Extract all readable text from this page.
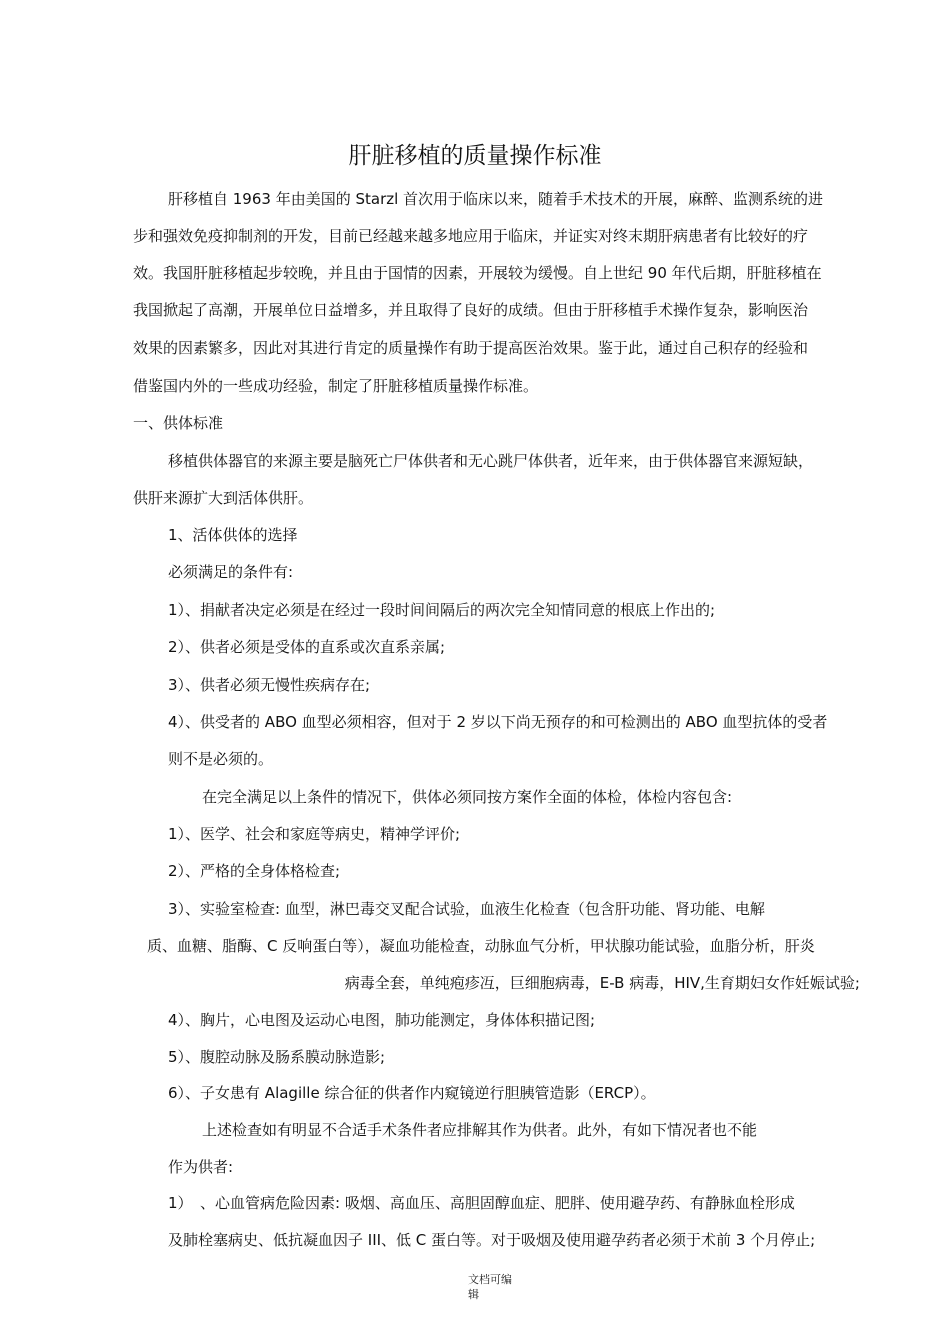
肝脏移植的质量操作标准
肝移植自 1963 年由美国的 Starzl 首次用于临床以来，随着手术技术的开展，麻醉、监测系统的进
步和强效免疫抑制剂的开发，目前已经越来越多地应用于临床，并证实对终末期肝病患者有比较好的疗
效。我国肝脏移植起步较晚，并且由于国情的因素，开展较为缓慢。自上世纪 90 年代后期，肝脏移植在
我国掀起了高潮，开展单位日益增多，并且取得了良好的成绩。但由于肝移植手术操作复杂，影响医治
效果的因素繁多，因此对其进行肯定的质量操作有助于提高医治效果。鉴于此，通过自己积存的经验和
借鉴国内外的一些成功经验，制定了肝脏移植质量操作标准。
一、供体标准
移植供体器官的来源主要是脑死亡尸体供者和无心跳尸体供者，近年来，由于供体器官来源短缺，
供肝来源扩大到活体供肝。
1、活体供体的选择
必须满足的条件有:
1）、捐献者决定必须是在经过一段时间间隔后的两次完全知情同意的根底上作出的;
2）、供者必须是受体的直系或次直系亲属;
3）、供者必须无慢性疾病存在;
4）、供受者的 ABO 血型必须相容，但对于 2 岁以下尚无预存的和可检测出的 ABO 血型抗体的受者
则不是必须的。
在完全满足以上条件的情况下，供体必须同按方案作全面的体检，体检内容包含:
1）、医学、社会和家庭等病史，精神学评价;
2）、严格的全身体格检查;
3）、实验室检查: 血型，淋巴毒交叉配合试验，血液生化检查（包含肝功能、肾功能、电解
质、血糖、脂酶、C 反响蛋白等），凝血功能检查，动脉血气分析，甲状腺功能试验，血脂分析，肝炎
病毒全套，单纯疱疹冱，巨细胞病毒，E-B 病毒，HIV,生育期妇女作妊娠试验;
4）、胸片，心电图及运动心电图，肺功能测定，身体体积描记图;
5）、腹腔动脉及肠系膜动脉造影;
6）、子女患有 Alagille 综合征的供者作内窥镜逆行胆胰管造影（ERCP）。
上述检查如有明显不合适手术条件者应排解其作为供者。此外，有如下情况者也不能
作为供者:
1）　、心血管病危险因素: 吸烟、高血压、高胆固醇血症、肥胖、使用避孕药、有静脉血栓形成
及肺栓塞病史、低抗凝血因子 III、低 C 蛋白等。对于吸烟及使用避孕药者必须于术前 3 个月停止;
文档可编
辑
